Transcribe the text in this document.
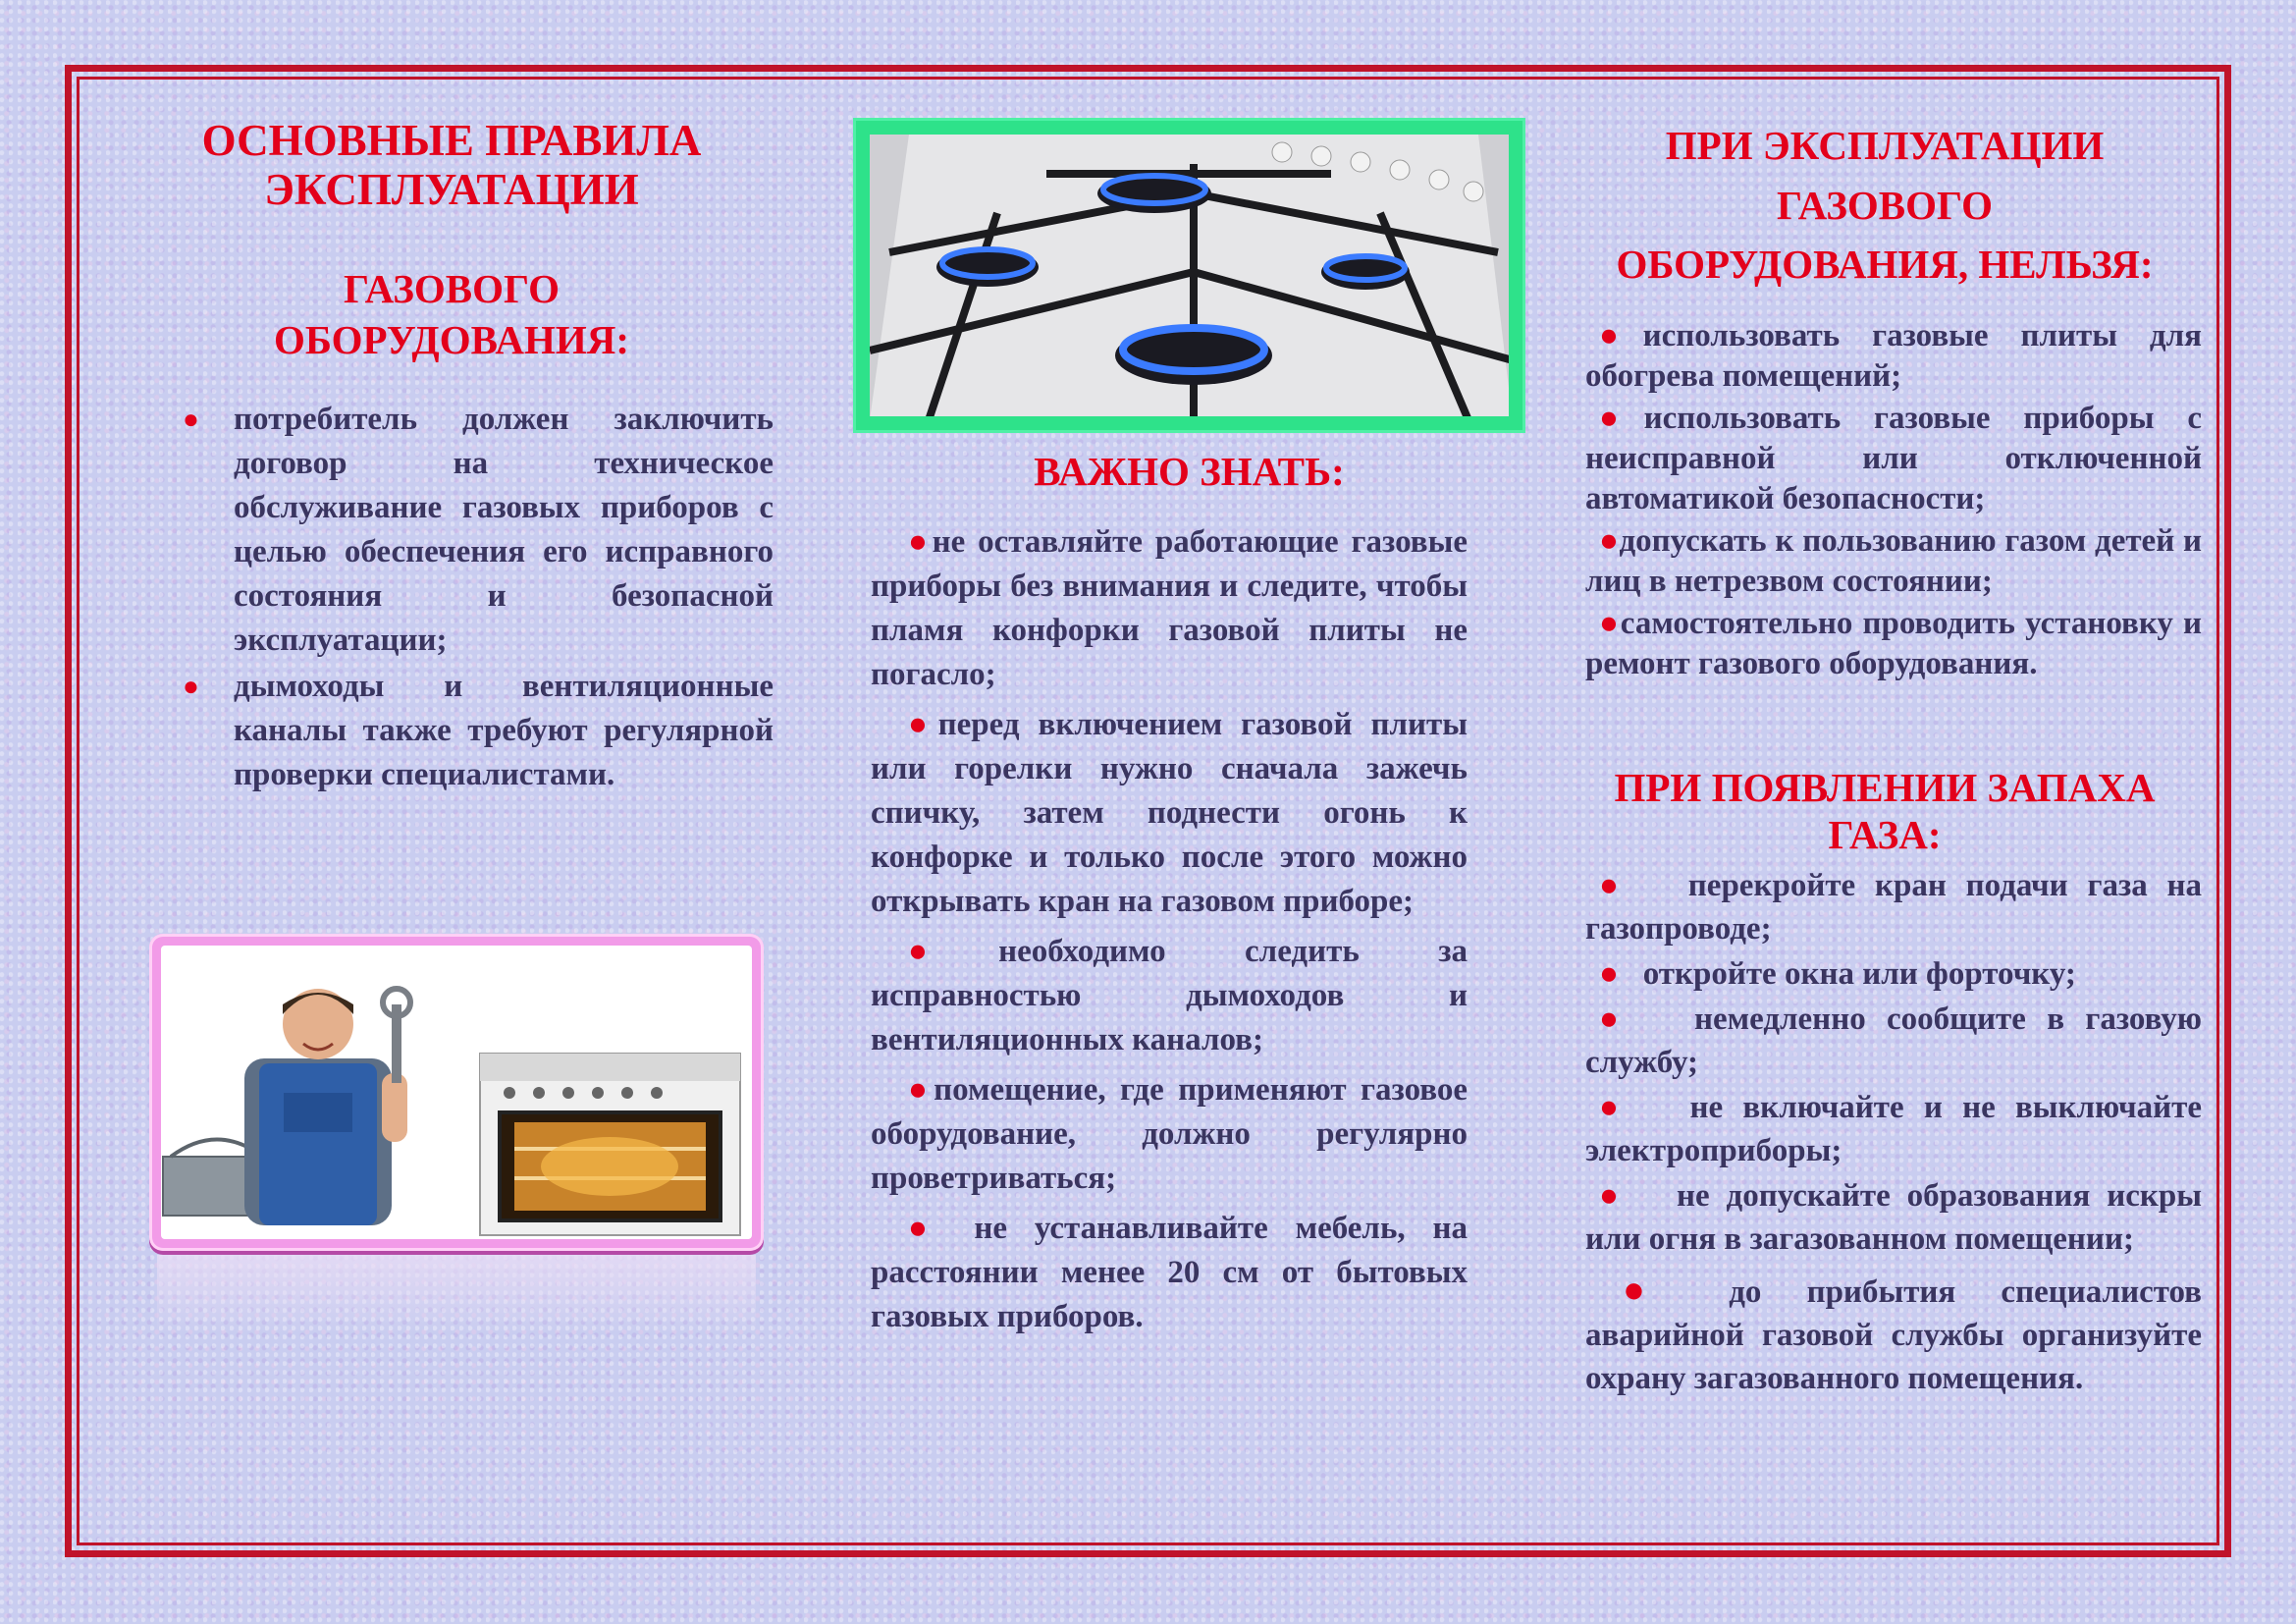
ОСНОВНЫЕ ПРАВИЛА
ЭКСПЛУАТАЦИИ
ГАЗОВОГО
ОБОРУДОВАНИЯ:
● потребитель должен заключить договор на техническое обслуживание газовых приборов с целью обеспечения его исправного состояния и безопасной эксплуатации;
● дымоходы и вентиляционные каналы также требуют регулярной проверки специалистами.
ВАЖНО ЗНАТЬ:

●не оставляйте работающие газовые приборы без внимания и следите, чтобы пламя конфорки газовой плиты не погасло;

●перед включением газовой плиты или горелки нужно сначала зажечь спичку, затем поднести огонь к конфорке и только после этого можно открывать кран на газовом приборе;

●необходимо следить за исправностью дымоходов и вентиляционных каналов;

●помещение, где применяют газовое оборудование, должно регулярно проветриваться;

● не устанавливайте мебель, на расстоянии менее 20 см от бытовых газовых приборов.

ПРИ ЭКСПЛУАТАЦИИ
ГАЗОВОГО
ОБОРУДОВАНИЯ, НЕЛЬЗЯ:

●использовать газовые плиты для обогрева помещений;

●использовать газовые приборы с неисправной или отключенной автоматикой безопасности;

●допускать к пользованию газом детей и лиц в нетрезвом состоянии;

●самостоятельно проводить установку и ремонт газового оборудования.

ПРИ ПОЯВЛЕНИИ ЗАПАХА
ГАЗА:

●   перекройте кран подачи газа на газопроводе;

●   откройте окна или форточку;

●   немедленно сообщите в газовую службу;

●   не включайте и не выключайте электроприборы;

●   не допускайте образования искры или огня в загазованном помещении;

● до прибытия специалистов аварийной газовой службы организуйте охрану загазованного помещения.
